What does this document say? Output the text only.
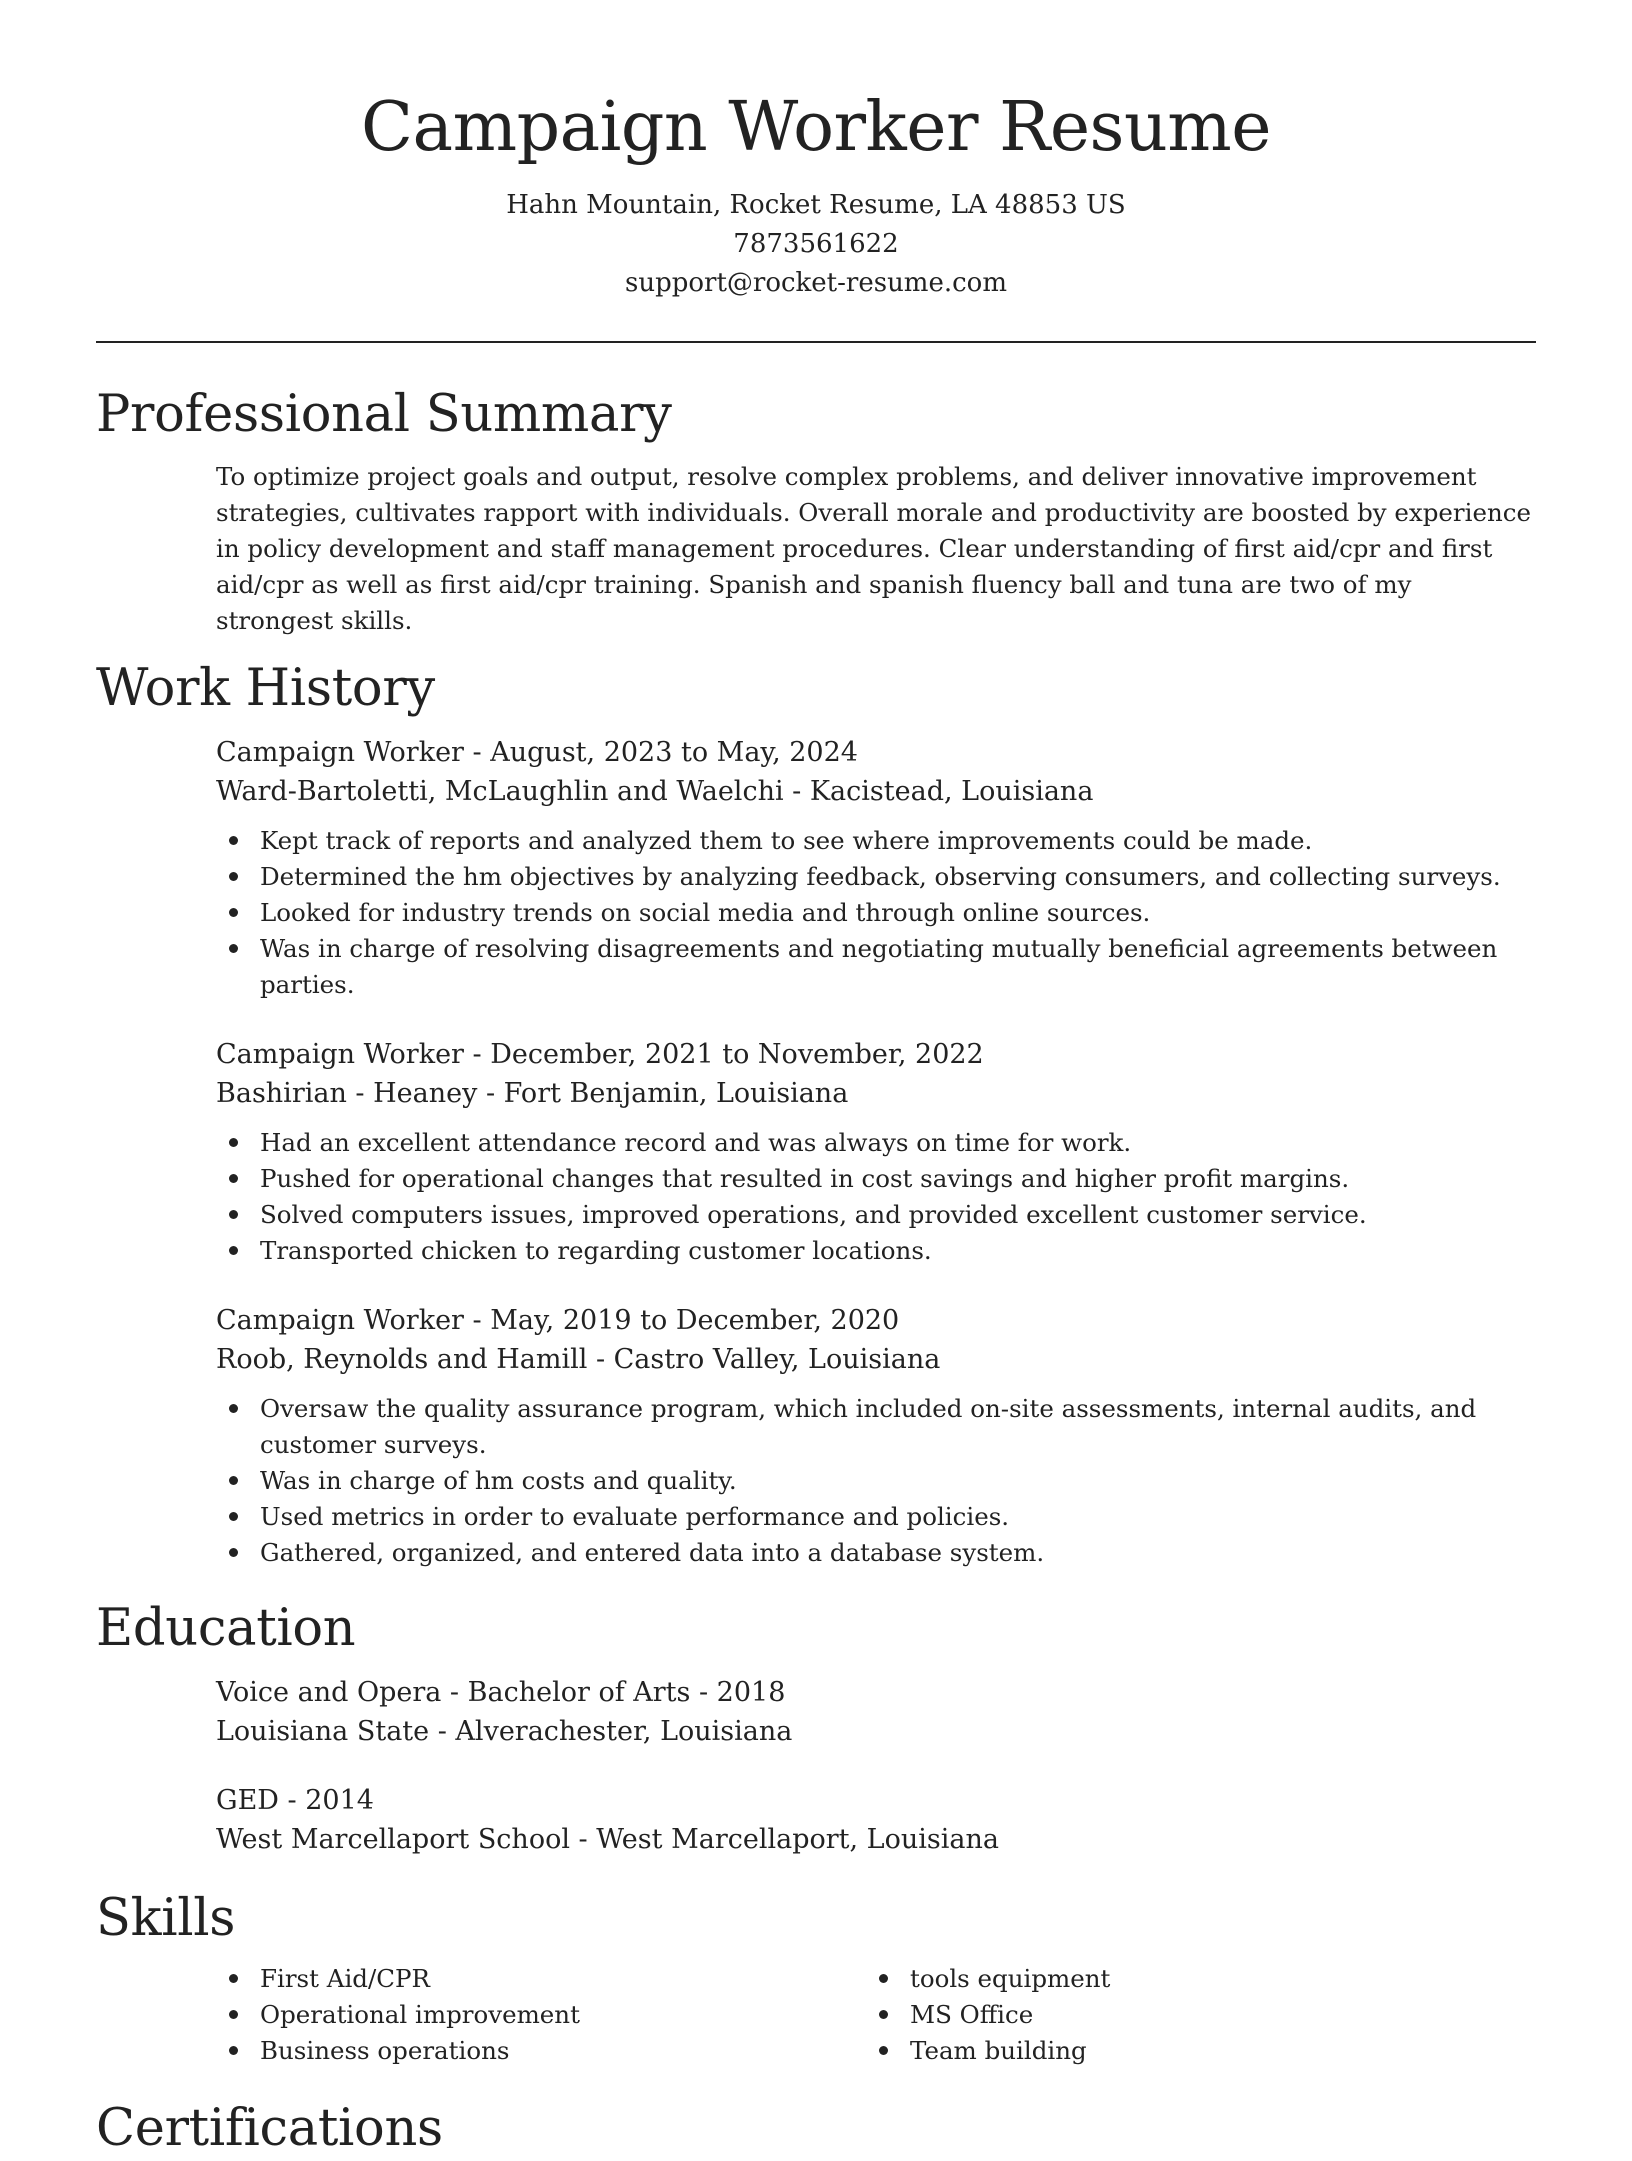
Campaign Worker Resume
Hahn Mountain, Rocket Resume, LA 48853 US
7873561622
support@rocket-resume.com
Professional Summary

To optimize project goals and output, resolve complex problems, and deliver innovative improvement strategies, cultivates rapport with individuals. Overall morale and productivity are boosted by experience in policy development and staff management procedures. Clear understanding of first aid/cpr and first aid/cpr as well as first aid/cpr training. Spanish and spanish fluency ball and tuna are two of my strongest skills.

Work History
Campaign Worker - August, 2023 to May, 2024
Ward-Bartoletti, McLaughlin and Waelchi - Kacistead, Louisiana
Kept track of reports and analyzed them to see where improvements could be made.
Determined the hm objectives by analyzing feedback, observing consumers, and collecting surveys.
Looked for industry trends on social media and through online sources.
Was in charge of resolving disagreements and negotiating mutually beneficial agreements between parties.
Campaign Worker - December, 2021 to November, 2022
Bashirian - Heaney - Fort Benjamin, Louisiana
Had an excellent attendance record and was always on time for work.
Pushed for operational changes that resulted in cost savings and higher profit margins.
Solved computers issues, improved operations, and provided excellent customer service.
Transported chicken to regarding customer locations.
Campaign Worker - May, 2019 to December, 2020
Roob, Reynolds and Hamill - Castro Valley, Louisiana
Oversaw the quality assurance program, which included on-site assessments, internal audits, and customer surveys.
Was in charge of hm costs and quality.
Used metrics in order to evaluate performance and policies.
Gathered, organized, and entered data into a database system.
Education
Voice and Opera - Bachelor of Arts - 2018
Louisiana State - Alverachester, Louisiana
GED - 2014
West Marcellaport School - West Marcellaport, Louisiana
Skills
First Aid/CPR
Operational improvement
Business operations
tools equipment
MS Office
Team building
Certifications
